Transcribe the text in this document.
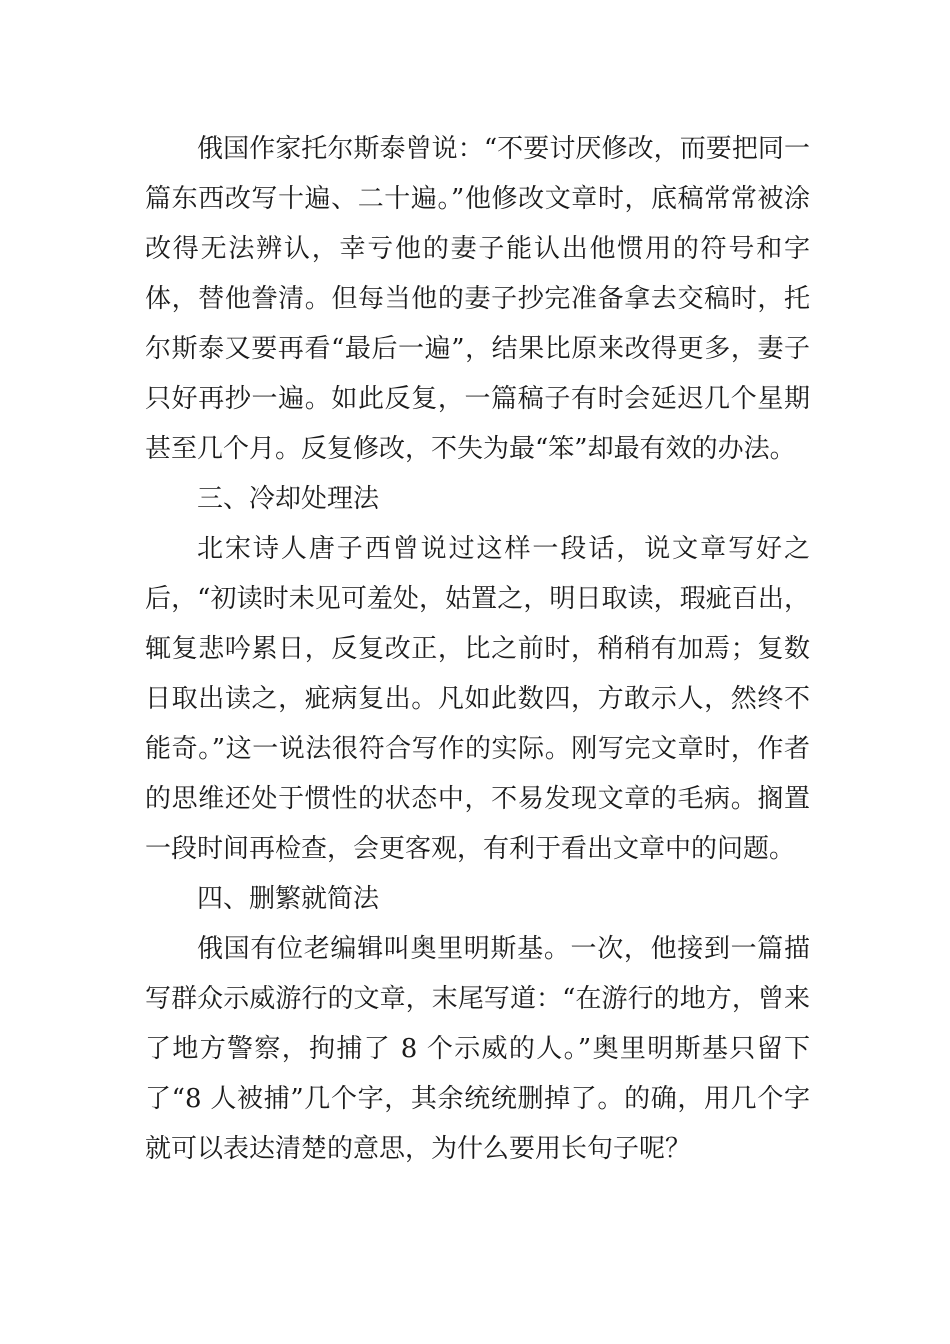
俄国作家托尔斯泰曾说：“不要讨厌修改，而要把同一篇东西改写十遍、二十遍。”他修改文章时，底稿常常被涂改得无法辨认，幸亏他的妻子能认出他惯用的符号和字体，替他誊清。但每当他的妻子抄完准备拿去交稿时，托尔斯泰又要再看“最后一遍”，结果比原来改得更多，妻子只好再抄一遍。如此反复，一篇稿子有时会延迟几个星期甚至几个月。反复修改，不失为最“笨”却最有效的办法。

三、冷却处理法

北宋诗人唐子西曾说过这样一段话，说文章写好之后，“初读时未见可羞处，姑置之，明日取读，瑕疵百出，辄复悲吟累日，反复改正，比之前时，稍稍有加焉；复数日取出读之，疵病复出。凡如此数四，方敢示人，然终不能奇。”这一说法很符合写作的实际。刚写完文章时，作者的思维还处于惯性的状态中，不易发现文章的毛病。搁置一段时间再检查，会更客观，有利于看出文章中的问题。

四、删繁就简法

俄国有位老编辑叫奥里明斯基。一次，他接到一篇描写群众示威游行的文章，末尾写道：“在游行的地方，曾来了地方警察，拘捕了 8 个示威的人。”奥里明斯基只留下了“8 人被捕”几个字，其余统统删掉了。的确，用几个字就可以表达清楚的意思，为什么要用长句子呢？
